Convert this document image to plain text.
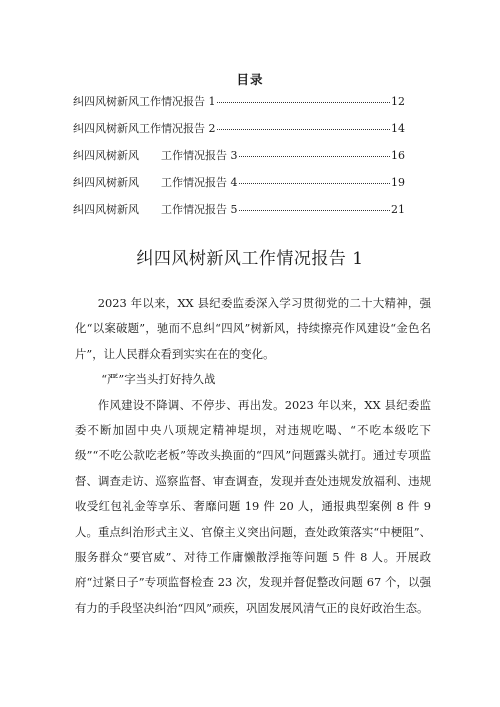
目录
纠四风树新风工作情况报告 1	12
纠四风树新风工作情况报告 2	14
纠四风树新风 工作情况报告 3	16
纠四风树新风 工作情况报告 4	19
纠四风树新风 工作情况报告 5	21
纠四风树新风工作情况报告 1

2023 年以来，XX 县纪委监委深入学习贯彻党的二十大精神，强化“以案破题”，驰而不息纠“四风”树新风，持续擦亮作风建设“金色名片”，让人民群众看到实实在在的变化。

“严”字当头打好持久战

作风建设不降调、不停步、再出发。2023 年以来，XX 县纪委监委不断加固中央八项规定精神堤坝，对违规吃喝、“不吃本级吃下级”“不吃公款吃老板”等改头换面的“四风”问题露头就打。通过专项监督、调查走访、巡察监督、审查调查，发现并查处违规发放福利、违规收受红包礼金等享乐、奢靡问题 19 件 20 人，通报典型案例 8 件 9 人。重点纠治形式主义、官僚主义突出问题，查处政策落实“中梗阻”、服务群众“要官威”、对待工作庸懒散浮拖等问题 5 件 8 人。开展政府“过紧日子”专项监督检查 23 次，发现并督促整改问题 67 个，以强有力的手段坚决纠治“四风”顽疾，巩固发展风清气正的良好政治生态。
